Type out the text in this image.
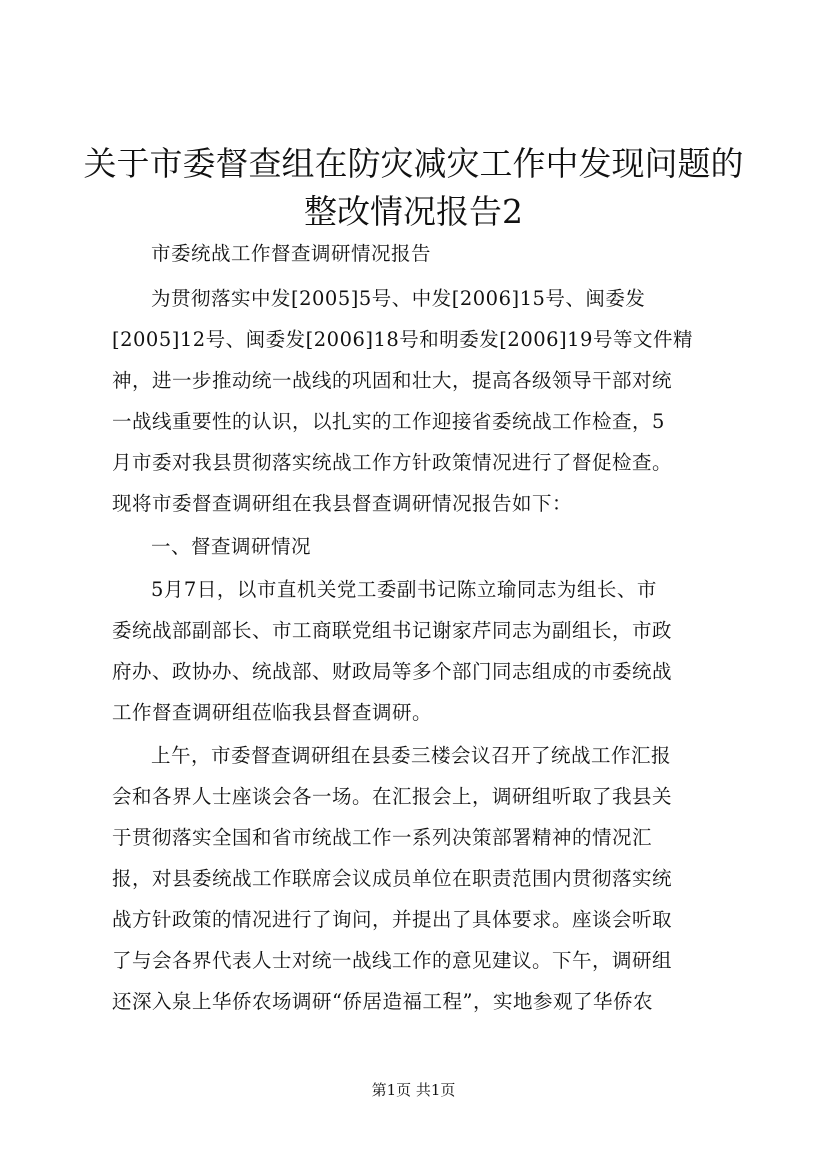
关于市委督查组在防灾减灾工作中发现问题的
整改情况报告2
市委统战工作督查调研情况报告
为贯彻落实中发[2005]5号、中发[2006]15号、闽委发
[2005]12号、闽委发[2006]18号和明委发[2006]19号等文件精
神，进一步推动统一战线的巩固和壮大，提高各级领导干部对统
一战线重要性的认识，以扎实的工作迎接省委统战工作检查，5
月市委对我县贯彻落实统战工作方针政策情况进行了督促检查。
现将市委督查调研组在我县督查调研情况报告如下：
一、督查调研情况
5月7日，以市直机关党工委副书记陈立瑜同志为组长、市
委统战部副部长、市工商联党组书记谢家芹同志为副组长，市政
府办、政协办、统战部、财政局等多个部门同志组成的市委统战
工作督查调研组莅临我县督查调研。
上午，市委督查调研组在县委三楼会议召开了统战工作汇报
会和各界人士座谈会各一场。在汇报会上，调研组听取了我县关
于贯彻落实全国和省市统战工作一系列决策部署精神的情况汇
报，对县委统战工作联席会议成员单位在职责范围内贯彻落实统
战方针政策的情况进行了询问，并提出了具体要求。座谈会听取
了与会各界代表人士对统一战线工作的意见建议。下午，调研组
还深入泉上华侨农场调研“侨居造福工程”，实地参观了华侨农
第1页 共1页
